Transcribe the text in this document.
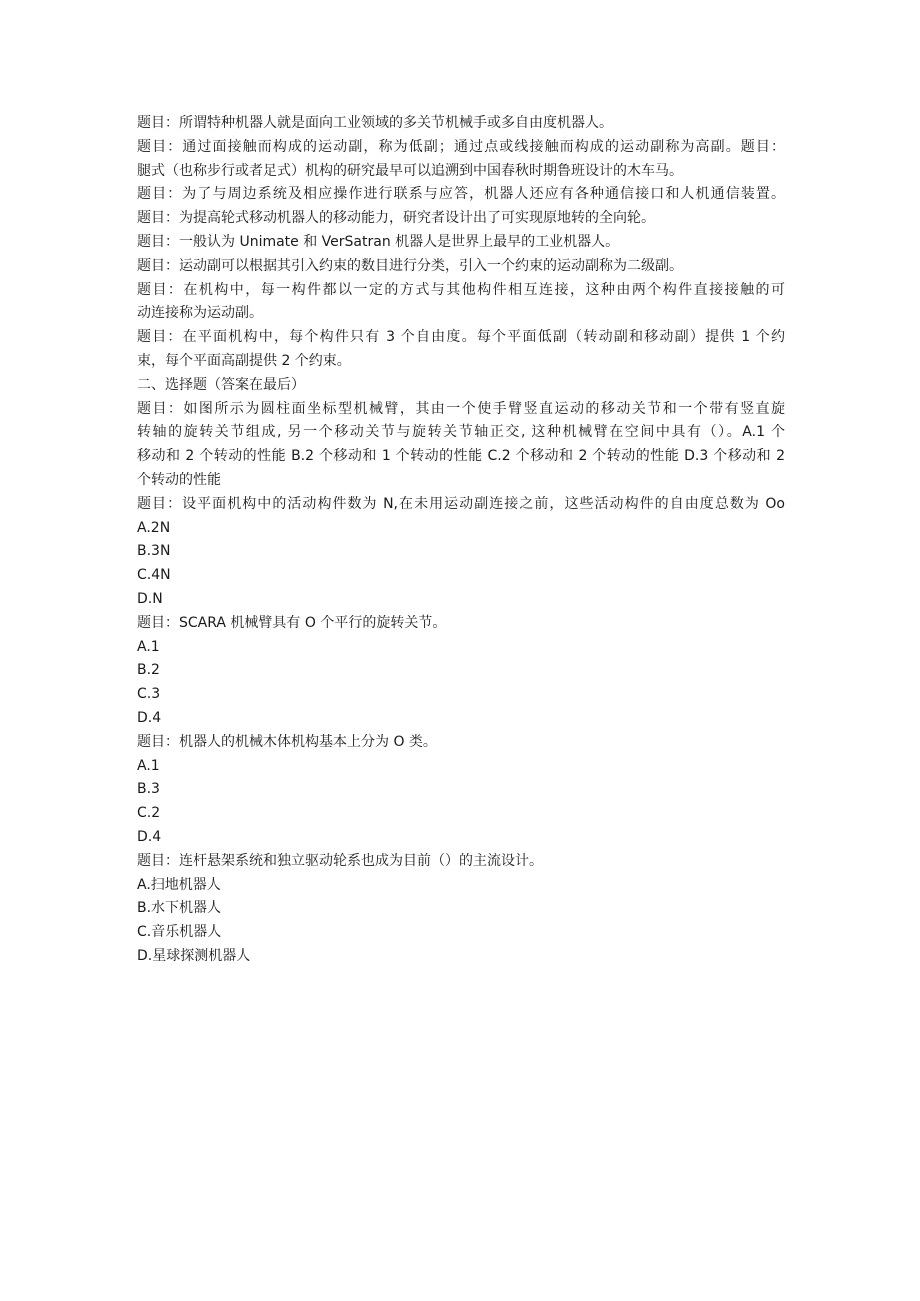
题目：所谓特种机器人就是面向工业领域的多关节机械手或多自由度机器人。
题目：通过面接触而构成的运动副，称为低副；通过点或线接触而构成的运动副称为高副。题目：
腿式（也称步行或者足式）机构的研究最早可以追溯到中国春秋时期鲁班设计的木车马。
题目：为了与周边系统及相应操作进行联系与应答，机器人还应有各种通信接口和人机通信装置。
题目：为提高轮式移动机器人的移动能力，研究者设计出了可实现原地转的全向轮。
题目：一般认为 Unimate 和 VerSatran 机器人是世界上最早的工业机器人。
题目：运动副可以根据其引入约束的数目进行分类，引入一个约束的运动副称为二级副。
题目：在机构中，每一构件都以一定的方式与其他构件相互连接，这种由两个构件直接接触的可
动连接称为运动副。
题目：在平面机构中，每个构件只有 3 个自由度。每个平面低副（转动副和移动副）提供 1 个约
束，每个平面高副提供 2 个约束。
二、选择题（答案在最后）
题目：如图所示为圆柱面坐标型机械臂，其由一个使手臂竖直运动的移动关节和一个带有竖直旋
转轴的旋转关节组成, 另一个移动关节与旋转关节轴正交, 这种机械臂在空间中具有（）。A.1 个
移动和 2 个转动的性能 B.2 个移动和 1 个转动的性能 C.2 个移动和 2 个转动的性能 D.3 个移动和 2
个转动的性能
题目：设平面机构中的活动构件数为 N,在未用运动副连接之前，这些活动构件的自由度总数为 Oo
A.2N
B.3N
C.4N
D.N
题目：SCARA 机械臂具有 O 个平行的旋转关节。
A.1
B.2
C.3
D.4
题目：机器人的机械木体机构基本上分为 O 类。
A.1
B.3
C.2
D.4
题目：连杆悬架系统和独立驱动轮系也成为目前（）的主流设计。
A.扫地机器人
B.水下机器人
C.音乐机器人
D.星球探测机器人
